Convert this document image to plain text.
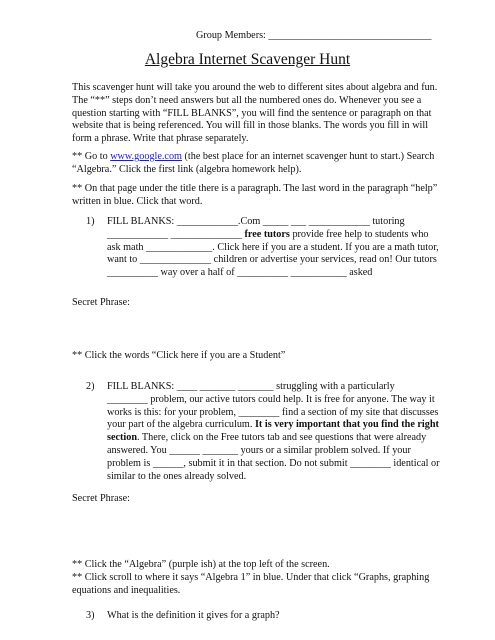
Group Members: ________________________________
Algebra Internet Scavenger Hunt
This scavenger hunt will take you around the web to different sites about algebra and fun.
The “**” steps don’t need answers but all the numbered ones do. Whenever you see a
question starting with “FILL BLANKS”, you will find the sentence or paragraph on that
website that is being referenced. You will fill in those blanks. The words you fill in will
form a phrase. Write that phrase separately.
** Go to www.google.com (the best place for an internet scavenger hunt to start.) Search
“Algebra.” Click the first link (algebra homework help).
** On that page under the title there is a paragraph. The last word in the paragraph “help”
written in blue. Click that word.
1) FILL BLANKS: ____________.Com _____ ___ ____________ tutoring
____________ ______________ free tutors provide free help to students who
ask math _____________. Click here if you are a student. If you are a math tutor,
want to ______________ children or advertise your services, read on! Our tutors
__________ way over a half of __________ ___________ asked
Secret Phrase:
** Click the words “Click here if you are a Student”
2) FILL BLANKS: ____ _______ _______ struggling with a particularly
________ problem, our active tutors could help. It is free for anyone. The way it
works is this: for your problem, ________ find a section of my site that discusses
your part of the algebra curriculum. It is very important that you find the right
section. There, click on the Free tutors tab and see questions that were already
answered. You ______ _______ yours or a similar problem solved. If your
problem is ______, submit it in that section. Do not submit ________ identical or
similar to the ones already solved.
Secret Phrase:
** Click the “Algebra” (purple ish) at the top left of the screen.
** Click scroll to where it says “Algebra 1” in blue. Under that click “Graphs, graphing
equations and inequalities.
3) What is the definition it gives for a graph?
